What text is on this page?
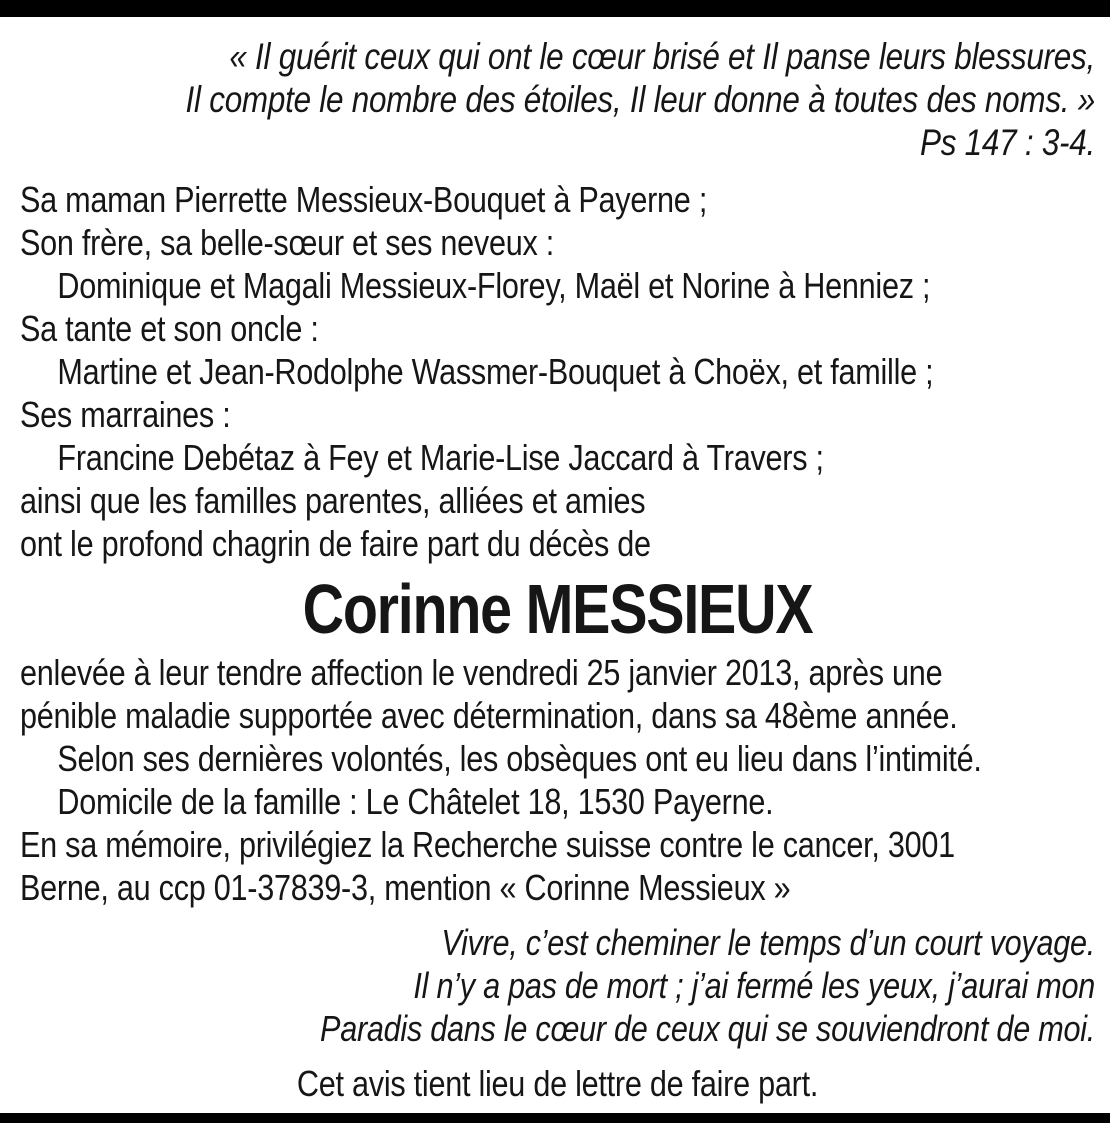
« Il guérit ceux qui ont le cœur brisé et Il panse leurs blessures,
Il compte le nombre des étoiles, Il leur donne à toutes des noms. »
Ps 147 : 3-4.
Sa maman Pierrette Messieux-Bouquet à Payerne ;
Son frère, sa belle-sœur et ses neveux :
Dominique et Magali Messieux-Florey, Maël et Norine à Henniez ;
Sa tante et son oncle :
Martine et Jean-Rodolphe Wassmer-Bouquet à Choëx, et famille ;
Ses marraines :
Francine Debétaz à Fey et Marie-Lise Jaccard à Travers ;
ainsi que les familles parentes, alliées et amies
ont le profond chagrin de faire part du décès de
Corinne MESSIEUX
enlevée à leur tendre affection le vendredi 25 janvier 2013, après une
pénible maladie supportée avec détermination, dans sa 48ème année.
Selon ses dernières volontés, les obsèques ont eu lieu dans l’intimité.
Domicile de la famille : Le Châtelet 18, 1530 Payerne.
En sa mémoire, privilégiez la Recherche suisse contre le cancer, 3001
Berne, au ccp 01-37839-3, mention « Corinne Messieux »
Vivre, c’est cheminer le temps d’un court voyage.
Il n’y a pas de mort ; j’ai fermé les yeux, j’aurai mon
Paradis dans le cœur de ceux qui se souviendront de moi.
Cet avis tient lieu de lettre de faire part.
